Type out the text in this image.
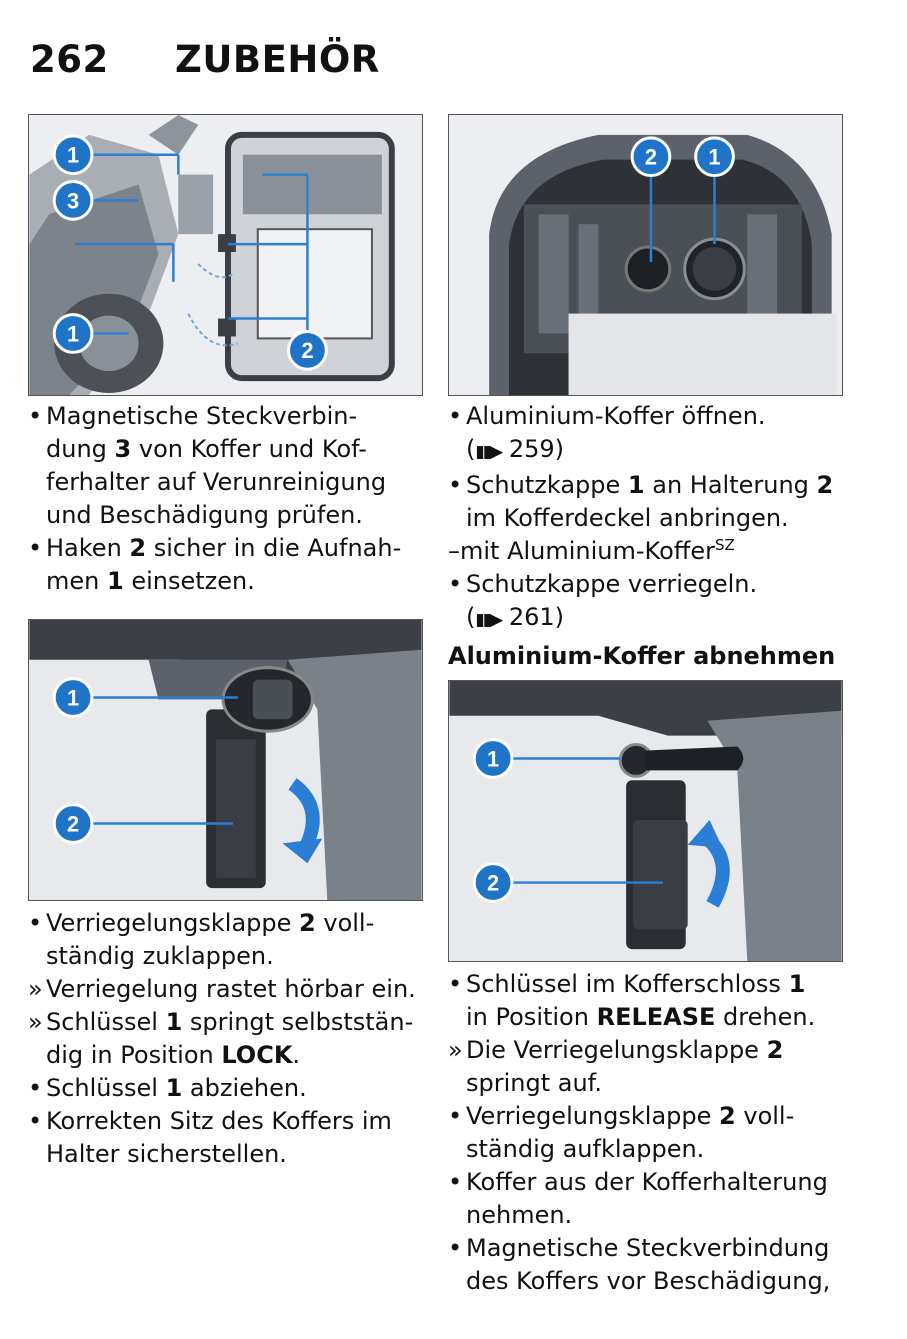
262 ZUBEHÖR
1
3
1
2
2 1
• Magnetische Steckverbin-
dung 3 von Koffer und Kof-
ferhalter auf Verunreinigung
und Beschädigung prüfen.
• Haken 2 sicher in die Aufnah-
men 1 einsetzen.
• Aluminium-Koffer öffnen.
(▮▮▶ 259)
• Schutzkappe 1 an Halterung 2
im Kofferdeckel anbringen.
–mit Aluminium-Koffer$^{SZ}$
• Schutzkappe verriegeln.
(▮▮▶ 261)
Aluminium-Koffer abnehmen
1
2
1
2
• Verriegelungsklappe 2 voll-
ständig zuklappen.
» Verriegelung rastet hörbar ein.
» Schlüssel 1 springt selbststän-
dig in Position LOCK.
• Schlüssel 1 abziehen.
• Korrekten Sitz des Koffers im
Halter sicherstellen.
• Schlüssel im Kofferschloss 1
in Position RELEASE drehen.
» Die Verriegelungsklappe 2
springt auf.
• Verriegelungsklappe 2 voll-
ständig aufklappen.
• Koffer aus der Kofferhalterung
nehmen.
• Magnetische Steckverbindung
des Koffers vor Beschädigung,
